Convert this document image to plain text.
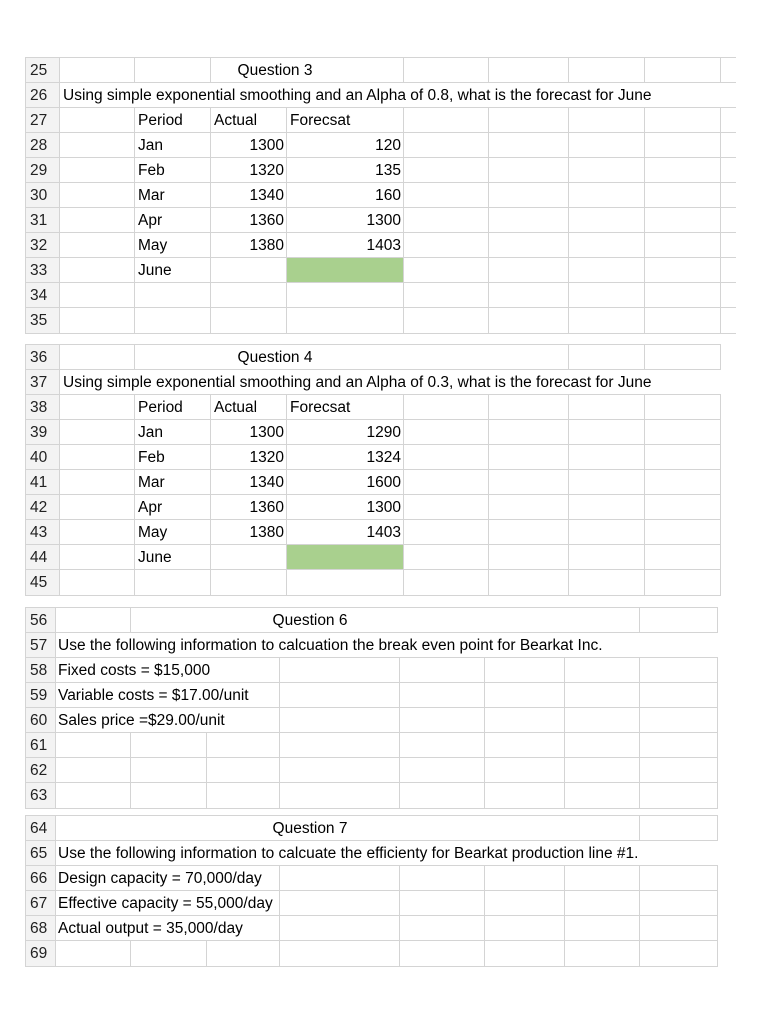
25	Question 3
26	Using simple exponential smoothing and an Alpha of 0.8, what is the forecast for June
27	Period	Actual	Forecsat
28	Jan	1300	120
29	Feb	1320	135
30	Mar	1340	160
31	Apr	1360	1300
32	May	1380	1403
33	June
34
35
36	Question 4
37	Using simple exponential smoothing and an Alpha of 0.3, what is the forecast for June
38	Period	Actual	Forecsat
39	Jan	1300	1290
40	Feb	1320	1324
41	Mar	1340	1600
42	Apr	1360	1300
43	May	1380	1403
44	June
45
56	Question 6
57 Use the following information to calcuation the break even point for Bearkat Inc.
58 Fixed costs = $15,000
59 Variable costs = $17.00/unit
60 Sales price =$29.00/unit
61
62
63
64	Question 7
65 Use the following information to calcuate the efficienty for Bearkat production line #1.
66 Design capacity = 70,000/day
67 Effective capacity = 55,000/day
68 Actual output = 35,000/day
69
